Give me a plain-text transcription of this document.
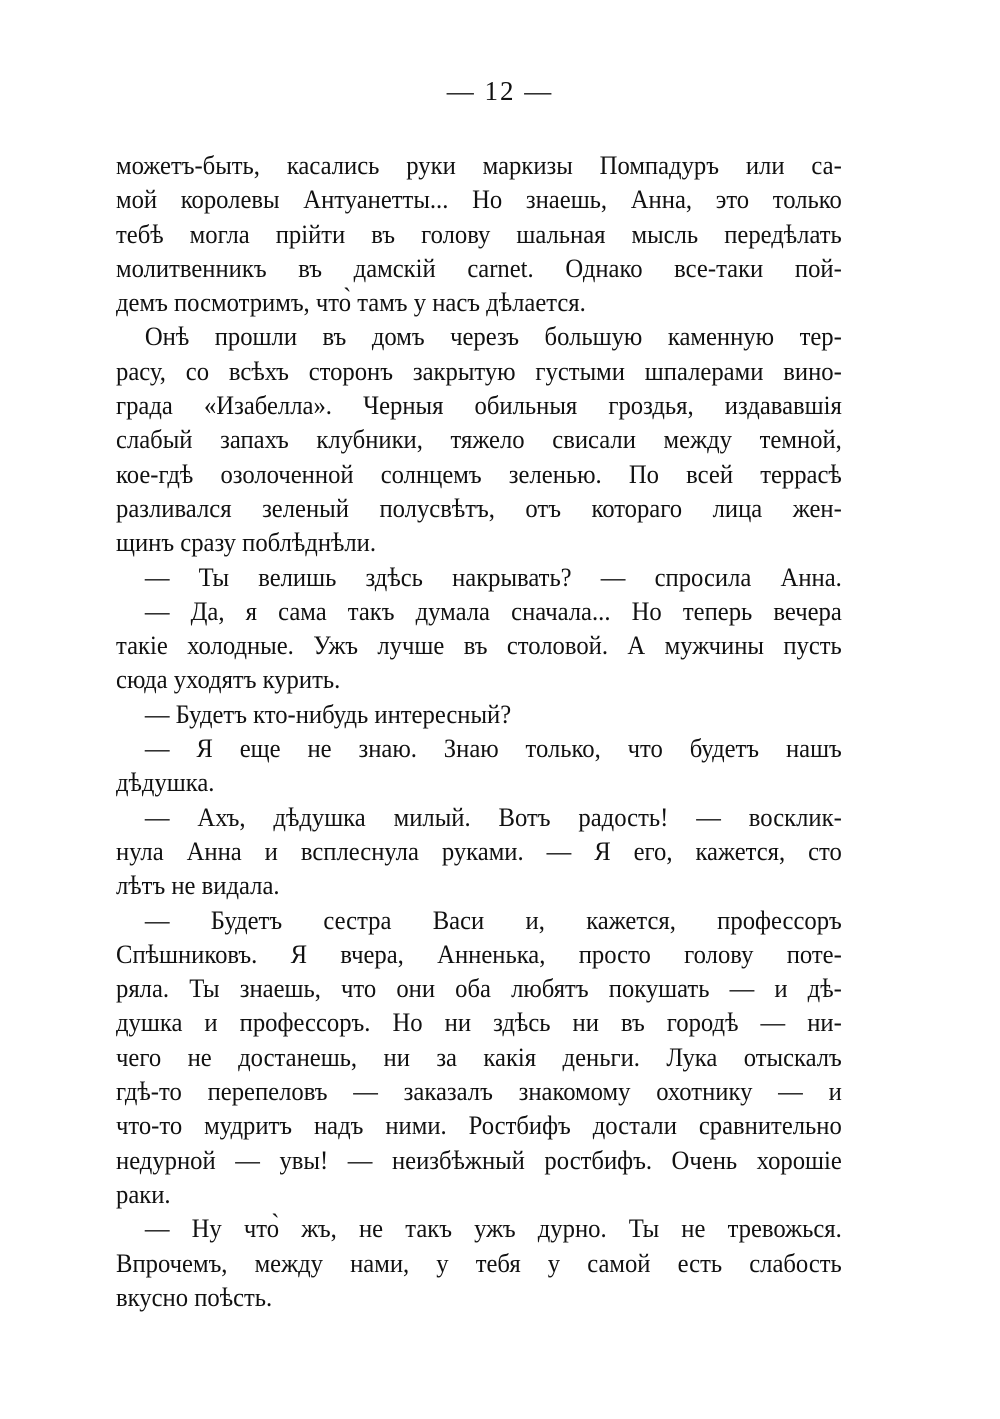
— 12 —
можетъ-быть, касались руки маркизы Помпадуръ или са-
мой королевы Антуанетты... Но знаешь, Анна, это только
тебѣ могла прійти въ голову шальная мысль передѣлать
молитвенникъ въ дамскій carnet. Однако все-таки пой-
демъ посмотримъ, что̀ тамъ у насъ дѣлается.
Онѣ прошли въ домъ черезъ большую каменную тер-
расу, со всѣхъ сторонъ закрытую густыми шпалерами вино-
града «Изабелла». Черныя обильныя гроздья, издававшія
слабый запахъ клубники, тяжело свисали между темной,
кое-гдѣ озолоченной солнцемъ зеленью. По всей террасѣ
разливался зеленый полусвѣтъ, отъ котораго лица жен-
щинъ сразу поблѣднѣли.
— Ты велишь здѣсь накрывать? — спросила Анна.
— Да, я сама такъ думала сначала... Но теперь вечера
такіе холодные. Ужъ лучше въ столовой. А мужчины пусть
сюда уходятъ курить.
— Будетъ кто-нибудь интересный?
— Я еще не знаю. Знаю только, что будетъ нашъ
дѣдушка.
— Ахъ, дѣдушка милый. Вотъ радость! — восклик-
нула Анна и всплеснула руками. — Я его, кажется, сто
лѣтъ не видала.
— Будетъ сестра Васи и, кажется, профессоръ
Спѣшниковъ. Я вчера, Анненька, просто голову поте-
ряла. Ты знаешь, что они оба любятъ покушать — и дѣ-
душка и профессоръ. Но ни здѣсь ни въ городѣ — ни-
чего не достанешь, ни за какія деньги. Лука отыскалъ
гдѣ-то перепеловъ — заказалъ знакомому охотнику — и
что-то мудритъ надъ ними. Ростбифъ достали сравнительно
недурной — увы! — неизбѣжный ростбифъ. Очень хорошіе
раки.
— Ну что̀ жъ, не такъ ужъ дурно. Ты не тревожься.
Впрочемъ, между нами, у тебя у самой есть слабость
вкусно поѣсть.
